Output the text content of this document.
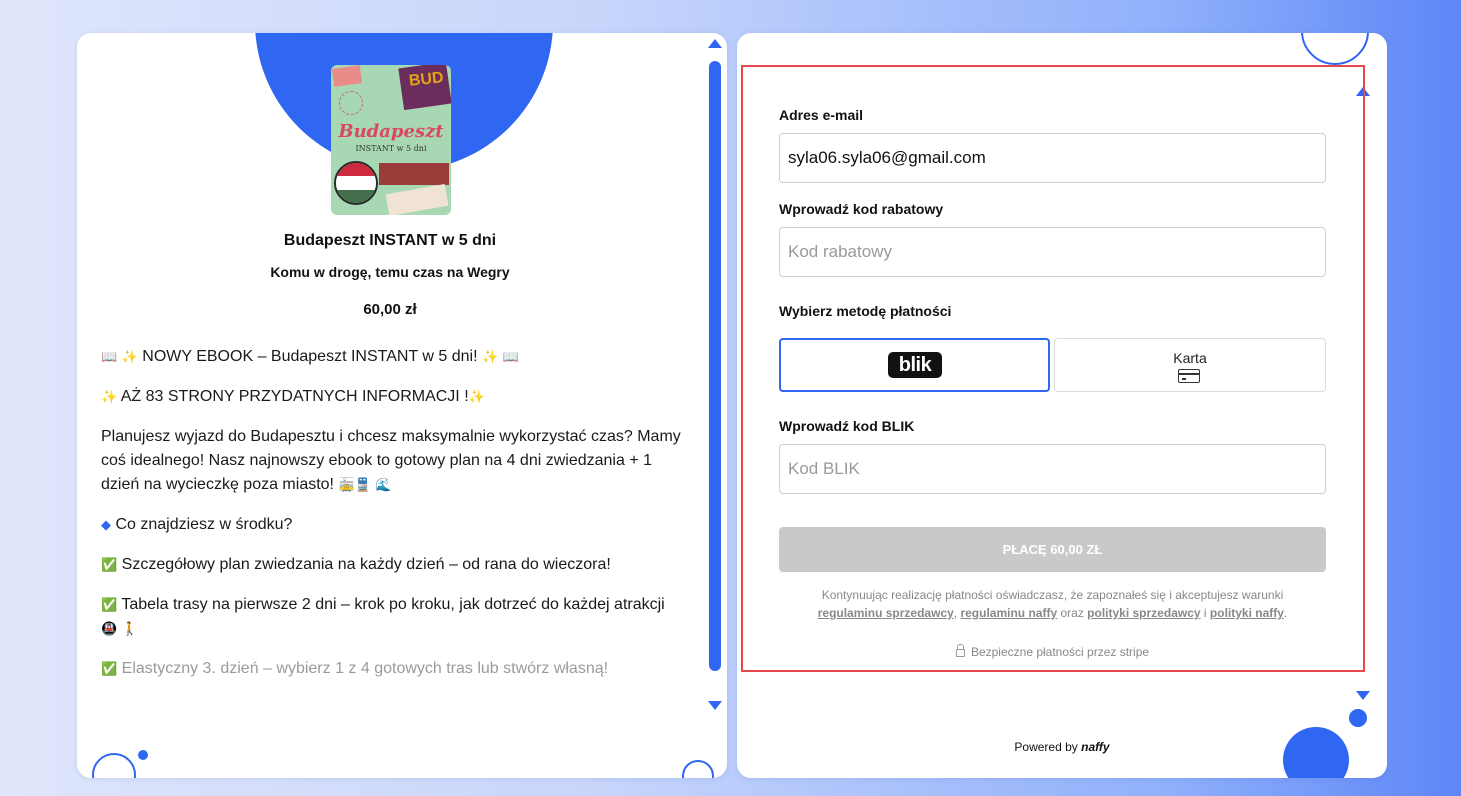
BUD
Budapeszt
INSTANT w 5 dni
Budapeszt INSTANT w 5 dni
Komu w drogę, temu czas na Wegry
60,00 zł

📖 ✨ NOWY EBOOK – Budapeszt INSTANT w 5 dni! ✨ 📖

✨ AŻ 83 STRONY PRZYDATNYCH INFORMACJI !✨

Planujesz wyjazd do Budapesztu i chcesz maksymalnie wykorzystać czas? Mamy coś idealnego! Nasz najnowszy ebook to gotowy plan na 4 dni zwiedzania + 1 dzień na wycieczkę poza miasto! 🚋🚆 🌊

◆ Co znajdziesz w środku?

✅ Szczegółowy plan zwiedzania na każdy dzień – od rana do wieczora!

✅ Tabela trasy na pierwsze 2 dni – krok po kroku, jak dotrzeć do każdej atrakcji 🚇 🚶

✅ Elastyczny 3. dzień – wybierz 1 z 4 gotowych tras lub stwórz własną!

Adres e-mail
syla06.syla06@gmail.com
Wprowadź kod rabatowy
Kod rabatowy
Wybierz metodę płatności
blik	Karta
Wprowadź kod BLIK
Kod BLIK
PŁACĘ 60,00 ZŁ
Kontynuując realizację płatności oświadczasz, że zapoznałeś się i akceptujesz warunki
regulaminu sprzedawcy, regulaminu naffy oraz polityki sprzedawcy i polityki naffy.
Bezpieczne płatności przez stripe
Powered by naffy
